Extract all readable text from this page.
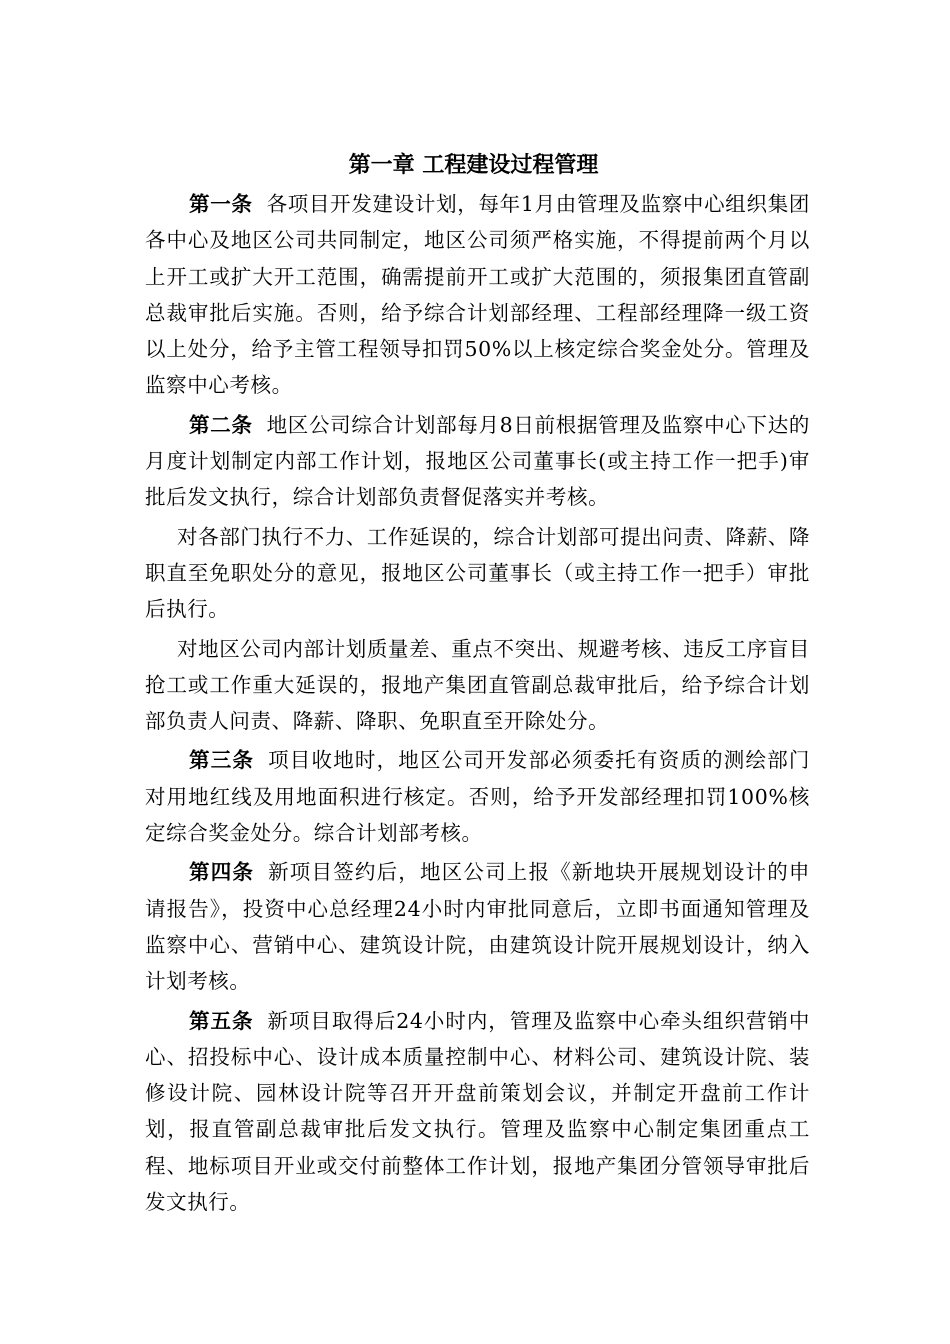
第一章 工程建设过程管理

第一条 各项目开发建设计划，每年1月由管理及监察中心组织集团各中心及地区公司共同制定，地区公司须严格实施，不得提前两个月以上开工或扩大开工范围，确需提前开工或扩大范围的，须报集团直管副总裁审批后实施。否则，给予综合计划部经理、工程部经理降一级工资以上处分，给予主管工程领导扣罚50%以上核定综合奖金处分。管理及监察中心考核。

第二条 地区公司综合计划部每月8日前根据管理及监察中心下达的月度计划制定内部工作计划，报地区公司董事长(或主持工作一把手)审批后发文执行，综合计划部负责督促落实并考核。

对各部门执行不力、工作延误的，综合计划部可提出问责、降薪、降职直至免职处分的意见，报地区公司董事长（或主持工作一把手）审批后执行。

对地区公司内部计划质量差、重点不突出、规避考核、违反工序盲目抢工或工作重大延误的，报地产集团直管副总裁审批后，给予综合计划部负责人问责、降薪、降职、免职直至开除处分。

第三条 项目收地时，地区公司开发部必须委托有资质的测绘部门对用地红线及用地面积进行核定。否则，给予开发部经理扣罚100%核定综合奖金处分。综合计划部考核。

第四条 新项目签约后，地区公司上报《新地块开展规划设计的申请报告》，投资中心总经理24小时内审批同意后，立即书面通知管理及监察中心、营销中心、建筑设计院，由建筑设计院开展规划设计，纳入计划考核。

第五条 新项目取得后24小时内，管理及监察中心牵头组织营销中心、招投标中心、设计成本质量控制中心、材料公司、建筑设计院、装修设计院、园林设计院等召开开盘前策划会议，并制定开盘前工作计划，报直管副总裁审批后发文执行。管理及监察中心制定集团重点工程、地标项目开业或交付前整体工作计划，报地产集团分管领导审批后发文执行。
